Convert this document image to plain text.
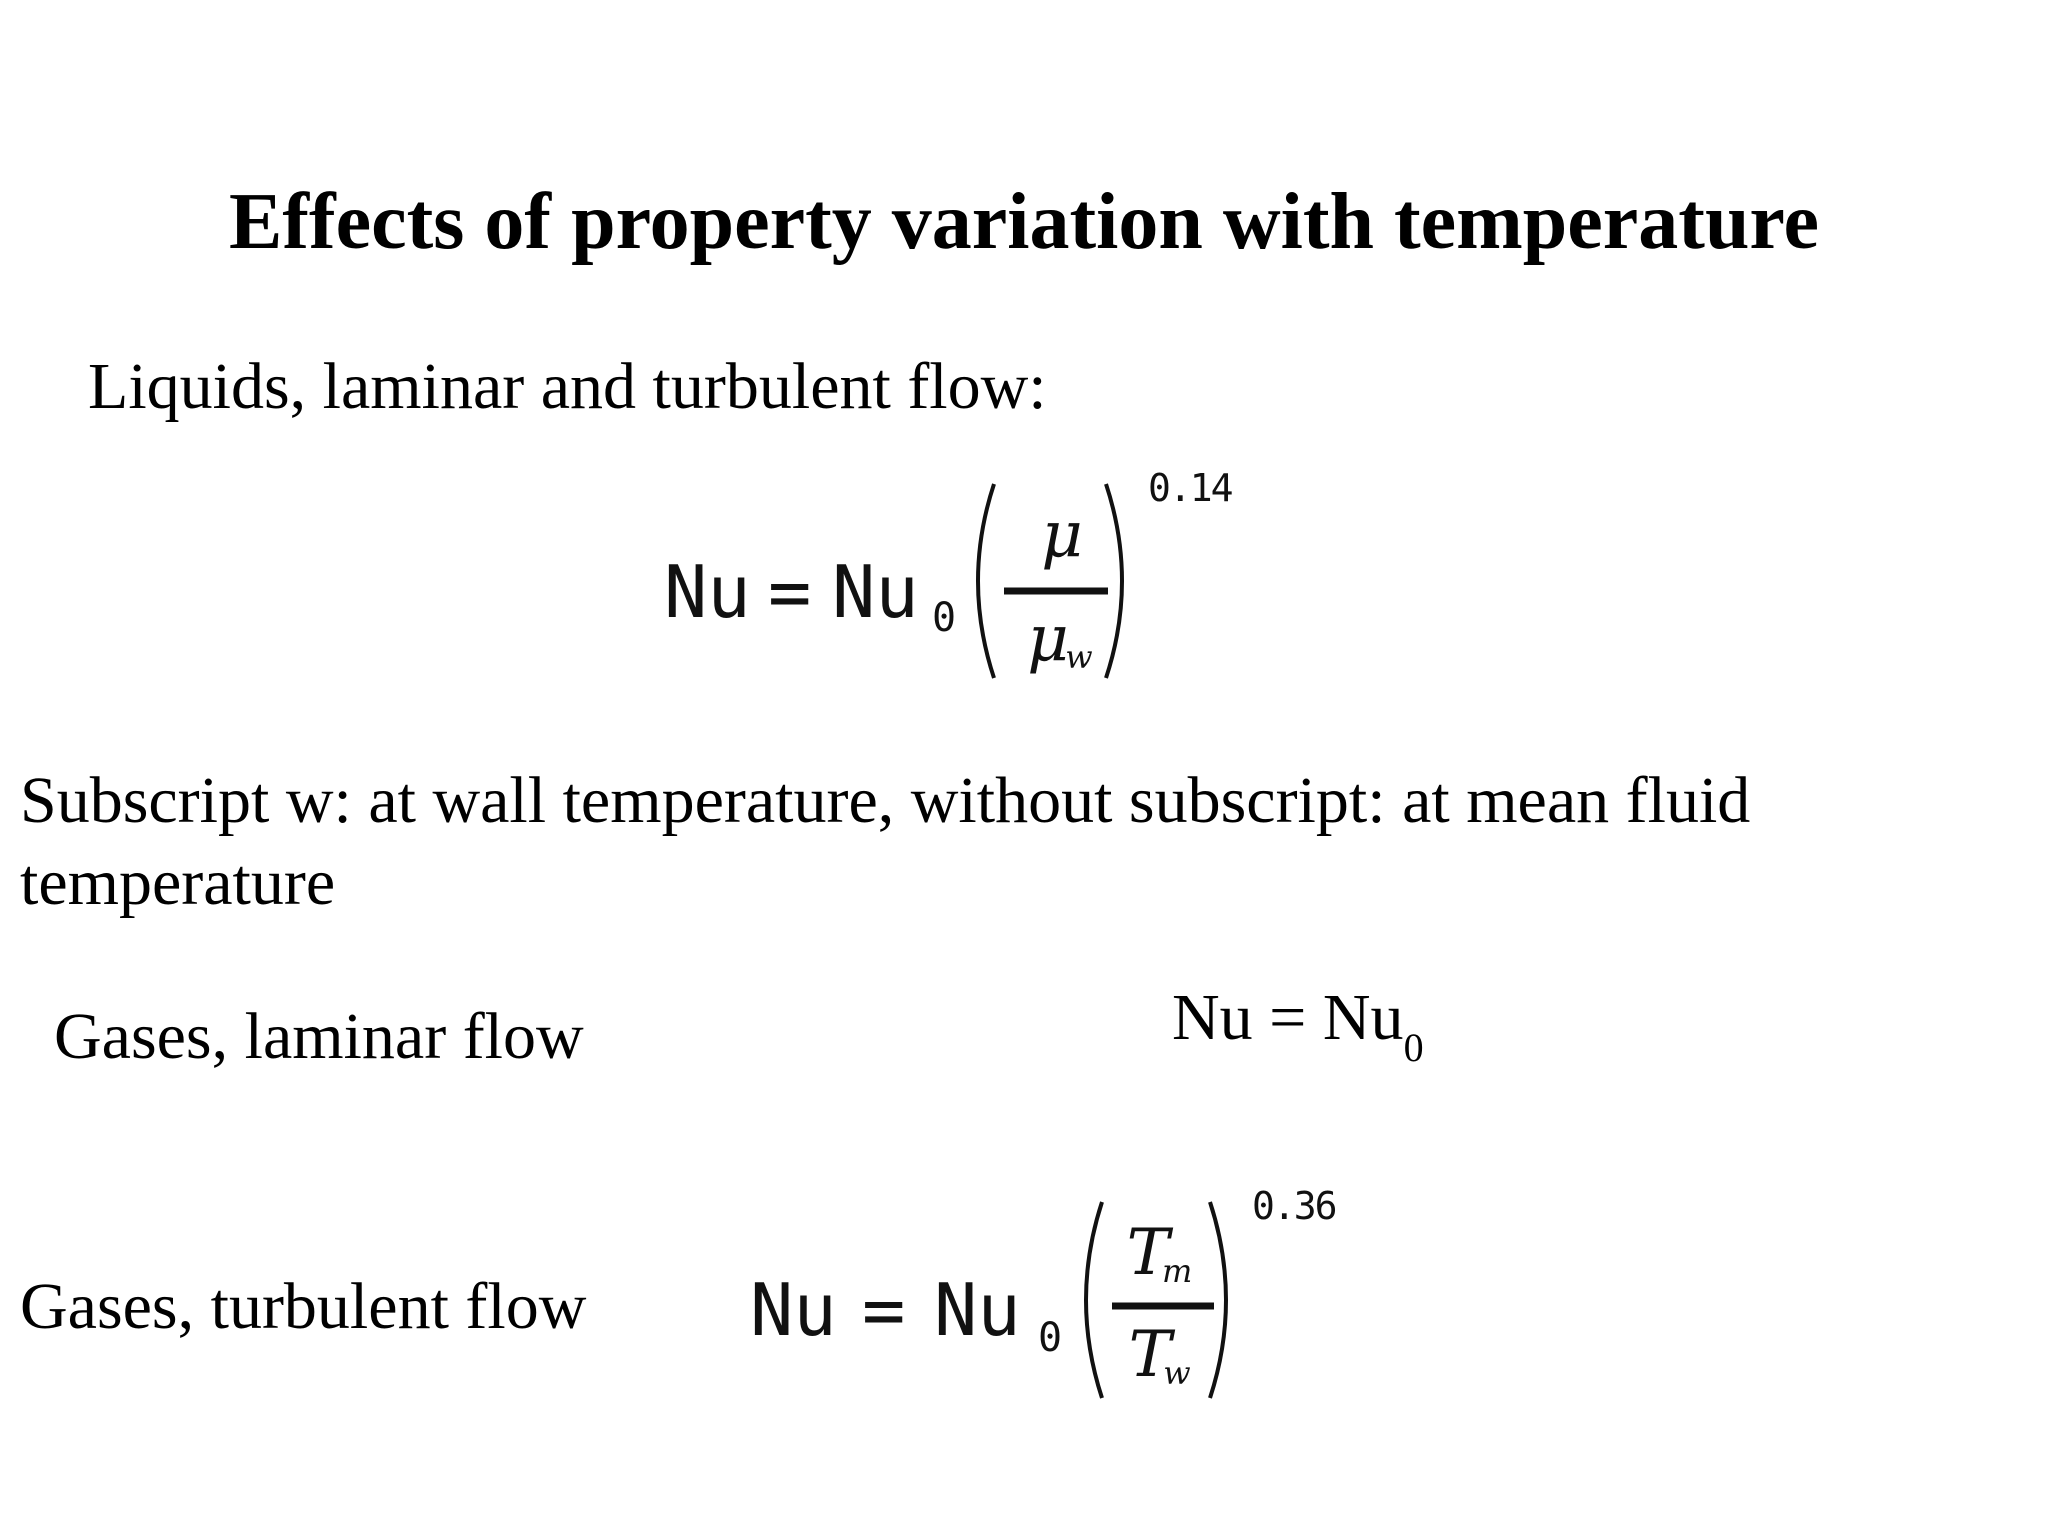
Effects of property variation with temperature
Liquids, laminar and turbulent flow:
Nu = Nu 0
μ
μ
w
0.14
Subscript w: at wall temperature, without subscript: at mean fluid
temperature
Gases, laminar flow	$Nu = Nu_0$
Gases, turbulent flow Nu = Nu 0
T
m
T
w
0.36
